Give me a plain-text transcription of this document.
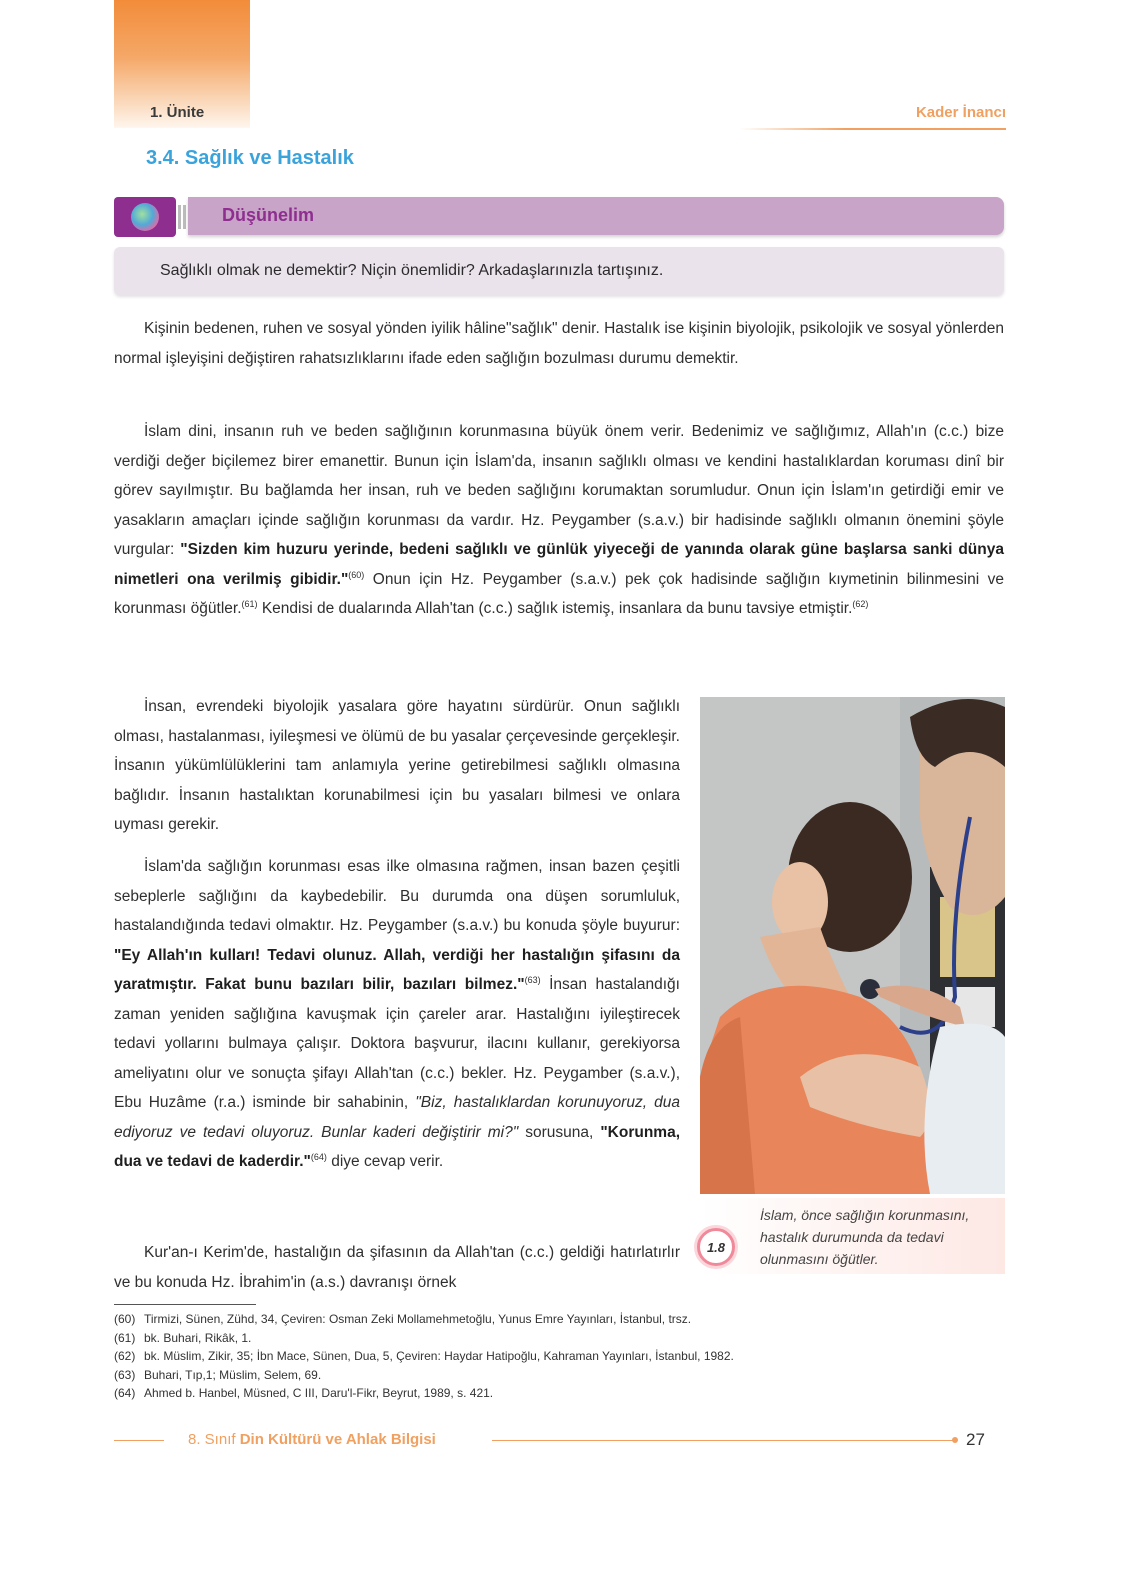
1. Ünite	Kader İnancı
3.4. Sağlık ve Hastalık
Düşünelim
Sağlıklı olmak ne demektir? Niçin önemlidir? Arkadaşlarınızla tartışınız.
Kişinin bedenen, ruhen ve sosyal yönden iyilik hâline"sağlık" denir. Hastalık ise kişinin biyolojik, psikolojik ve sosyal yönlerden normal işleyişini değiştiren rahatsızlıklarını ifade eden sağlığın bozulması durumu demektir.
İslam dini, insanın ruh ve beden sağlığının korunmasına büyük önem verir. Bedenimiz ve sağlığımız, Allah'ın (c.c.) bize verdiği değer biçilemez birer emanettir. Bunun için İslam'da, insanın sağlıklı olması ve kendini hastalıklardan koruması dinî bir görev sayılmıştır. Bu bağlamda her insan, ruh ve beden sağlığını korumaktan sorumludur. Onun için İslam'ın getirdiği emir ve yasakların amaçları içinde sağlığın korunması da vardır. Hz. Peygamber (s.a.v.) bir hadisinde sağlıklı olmanın önemini şöyle vurgular: "Sizden kim huzuru yerinde, bedeni sağlıklı ve günlük yiyeceği de yanında olarak güne başlarsa sanki dünya nimetleri ona verilmiş gibidir."$^{(60)}$ Onun için Hz. Peygamber (s.a.v.) pek çok hadisinde sağlığın kıymetinin bilinmesini ve korunması öğütler.$^{(61)}$ Kendisi de dualarında Allah'tan (c.c.) sağlık istemiş, insanlara da bunu tavsiye etmiştir.$^{(62)}$
İnsan, evrendeki biyolojik yasalara göre hayatını sürdürür. Onun sağlıklı olması, hastalanması, iyileşmesi ve ölümü de bu yasalar çerçevesinde gerçekleşir. İnsanın yükümlülüklerini tam anlamıyla yerine getirebilmesi sağlıklı olmasına bağlıdır. İnsanın hastalıktan korunabilmesi için bu yasaları bilmesi ve onlara uyması gerekir.
İslam'da sağlığın korunması esas ilke olmasına rağmen, insan bazen çeşitli sebeplerle sağlığını da kaybedebilir. Bu durumda ona düşen sorumluluk, hastalandığında tedavi olmaktır. Hz. Peygamber (s.a.v.) bu konuda şöyle buyurur: "Ey Allah'ın kulları! Tedavi olunuz. Allah, verdiği her hastalığın şifasını da yaratmıştır. Fakat bunu bazıları bilir, bazıları bilmez."$^{(63)}$ İnsan hastalandığı zaman yeniden sağlığına kavuşmak için çareler arar. Hastalığını iyileştirecek tedavi yollarını bulmaya çalışır. Doktora başvurur, ilacını kullanır, gerekiyorsa ameliyatını olur ve sonuçta şifayı Allah'tan (c.c.) bekler. Hz. Peygamber (s.a.v.), Ebu Huzâme (r.a.) isminde bir sahabinin, "Biz, hastalıklardan korunuyoruz, dua ediyoruz ve tedavi oluyoruz. Bunlar kaderi değiştirir mi?" sorusuna, "Korunma, dua ve tedavi de kaderdir."$^{(64)}$ diye cevap verir.
Kur'an-ı Kerim'de, hastalığın da şifasının da Allah'tan (c.c.) geldiği hatırlatırlır ve bu konuda Hz. İbrahim'in (a.s.) davranışı örnek
1.8
İslam, önce sağlığın korunmasını, hastalık durumunda da tedavi olunmasını öğütler.
(60) Tirmizi, Sünen, Zühd, 34, Çeviren: Osman Zeki Mollamehmetoğlu, Yunus Emre Yayınları, İstanbul, trsz.
(61) bk. Buhari, Rikâk, 1.
(62) bk. Müslim, Zikir, 35; İbn Mace, Sünen, Dua, 5, Çeviren: Haydar Hatipoğlu, Kahraman Yayınları, İstanbul, 1982.
(63) Buhari, Tıp,1; Müslim, Selem, 69.
(64) Ahmed b. Hanbel, Müsned, C III, Daru'l-Fikr, Beyrut, 1989, s. 421.
8. Sınıf Din Kültürü ve Ahlak Bilgisi	27
